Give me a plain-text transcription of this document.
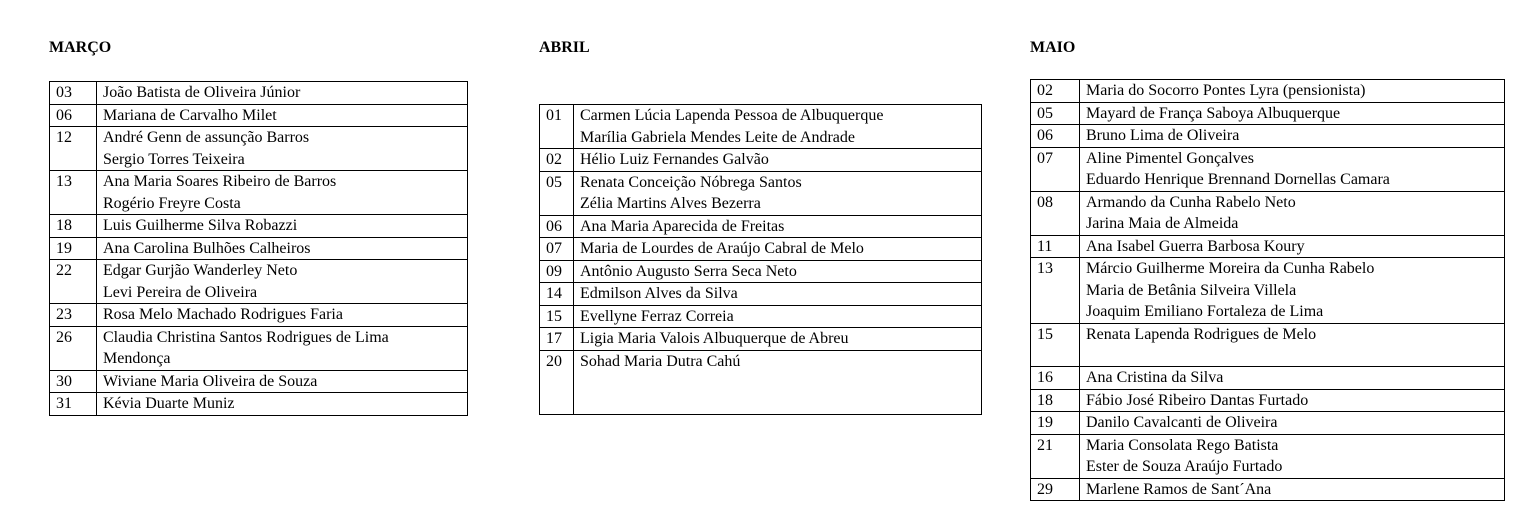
MARÇO	ABRIL	MAIO
03	João Batista de Oliveira Júnior

06	Mariana de Carvalho Milet

12	André Genn de assunção Barros
Sergio Torres Teixeira

13	Ana Maria Soares Ribeiro de Barros
Rogério Freyre Costa

18	Luis Guilherme Silva Robazzi

19	Ana Carolina Bulhões Calheiros

22	Edgar Gurjão Wanderley Neto
Levi Pereira de Oliveira

23	Rosa Melo Machado Rodrigues Faria

26	Claudia Christina Santos Rodrigues de Lima
Mendonça

30	Wiviane Maria Oliveira de Souza

31	Kévia Duarte Muniz
01	Carmen Lúcia Lapenda Pessoa de Albuquerque
Marília Gabriela Mendes Leite de Andrade

02	Hélio Luiz Fernandes Galvão

05	Renata Conceição Nóbrega Santos
Zélia Martins Alves Bezerra

06	Ana Maria Aparecida de Freitas

07	Maria de Lourdes de Araújo Cabral de Melo

09	Antônio Augusto Serra Seca Neto

14	Edmilson Alves da Silva

15	Evellyne Ferraz Correia

17	Ligia Maria Valois Albuquerque de Abreu

20	Sohad Maria Dutra Cahú
02	Maria do Socorro Pontes Lyra (pensionista)

05	Mayard de França Saboya Albuquerque

06	Bruno Lima de Oliveira

07	Aline Pimentel Gonçalves
Eduardo Henrique Brennand Dornellas Camara

08	Armando da Cunha Rabelo Neto
Jarina Maia de Almeida

11	Ana Isabel Guerra Barbosa Koury

13	Márcio Guilherme Moreira da Cunha Rabelo
Maria de Betânia Silveira Villela
Joaquim Emiliano Fortaleza de Lima

15	Renata Lapenda Rodrigues de Melo

16	Ana Cristina da Silva

18	Fábio José Ribeiro Dantas Furtado

19	Danilo Cavalcanti de Oliveira

21	Maria Consolata Rego Batista
Ester de Souza Araújo Furtado

29	Marlene Ramos de Sant´Ana
